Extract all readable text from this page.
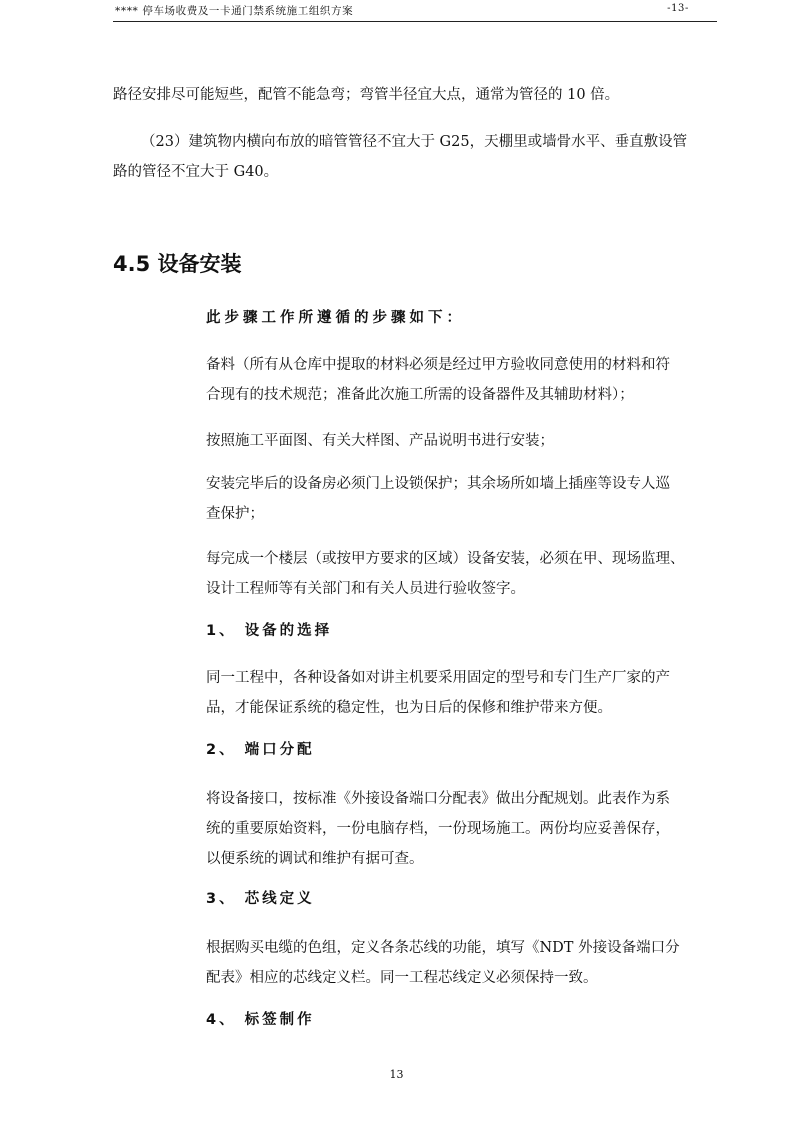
**** 停车场收费及一卡通门禁系统施工组织方案	-13-
路径安排尽可能短些，配管不能急弯；弯管半径宜大点，通常为管径的 10 倍。
（23）建筑物内横向布放的暗管管径不宜大于 G25，天棚里或墙骨水平、垂直敷设管
路的管径不宜大于 G40。
4.5 设备安装
此步骤工作所遵循的步骤如下：
备料（所有从仓库中提取的材料必须是经过甲方验收同意使用的材料和符
合现有的技术规范；准备此次施工所需的设备器件及其辅助材料）；
按照施工平面图、有关大样图、产品说明书进行安装；
安装完毕后的设备房必须门上设锁保护；其余场所如墙上插座等设专人巡
查保护；
每完成一个楼层（或按甲方要求的区域）设备安装，必须在甲、现场监理、
设计工程师等有关部门和有关人员进行验收签字。
1、 设备的选择
同一工程中，各种设备如对讲主机要采用固定的型号和专门生产厂家的产
品，才能保证系统的稳定性，也为日后的保修和维护带来方便。
2、 端口分配
将设备接口，按标准《外接设备端口分配表》做出分配规划。此表作为系
统的重要原始资料，一份电脑存档，一份现场施工。两份均应妥善保存，
以便系统的调试和维护有据可查。
3、 芯线定义
根据购买电缆的色组，定义各条芯线的功能，填写《NDT 外接设备端口分
配表》相应的芯线定义栏。同一工程芯线定义必须保持一致。
4、 标签制作
13
